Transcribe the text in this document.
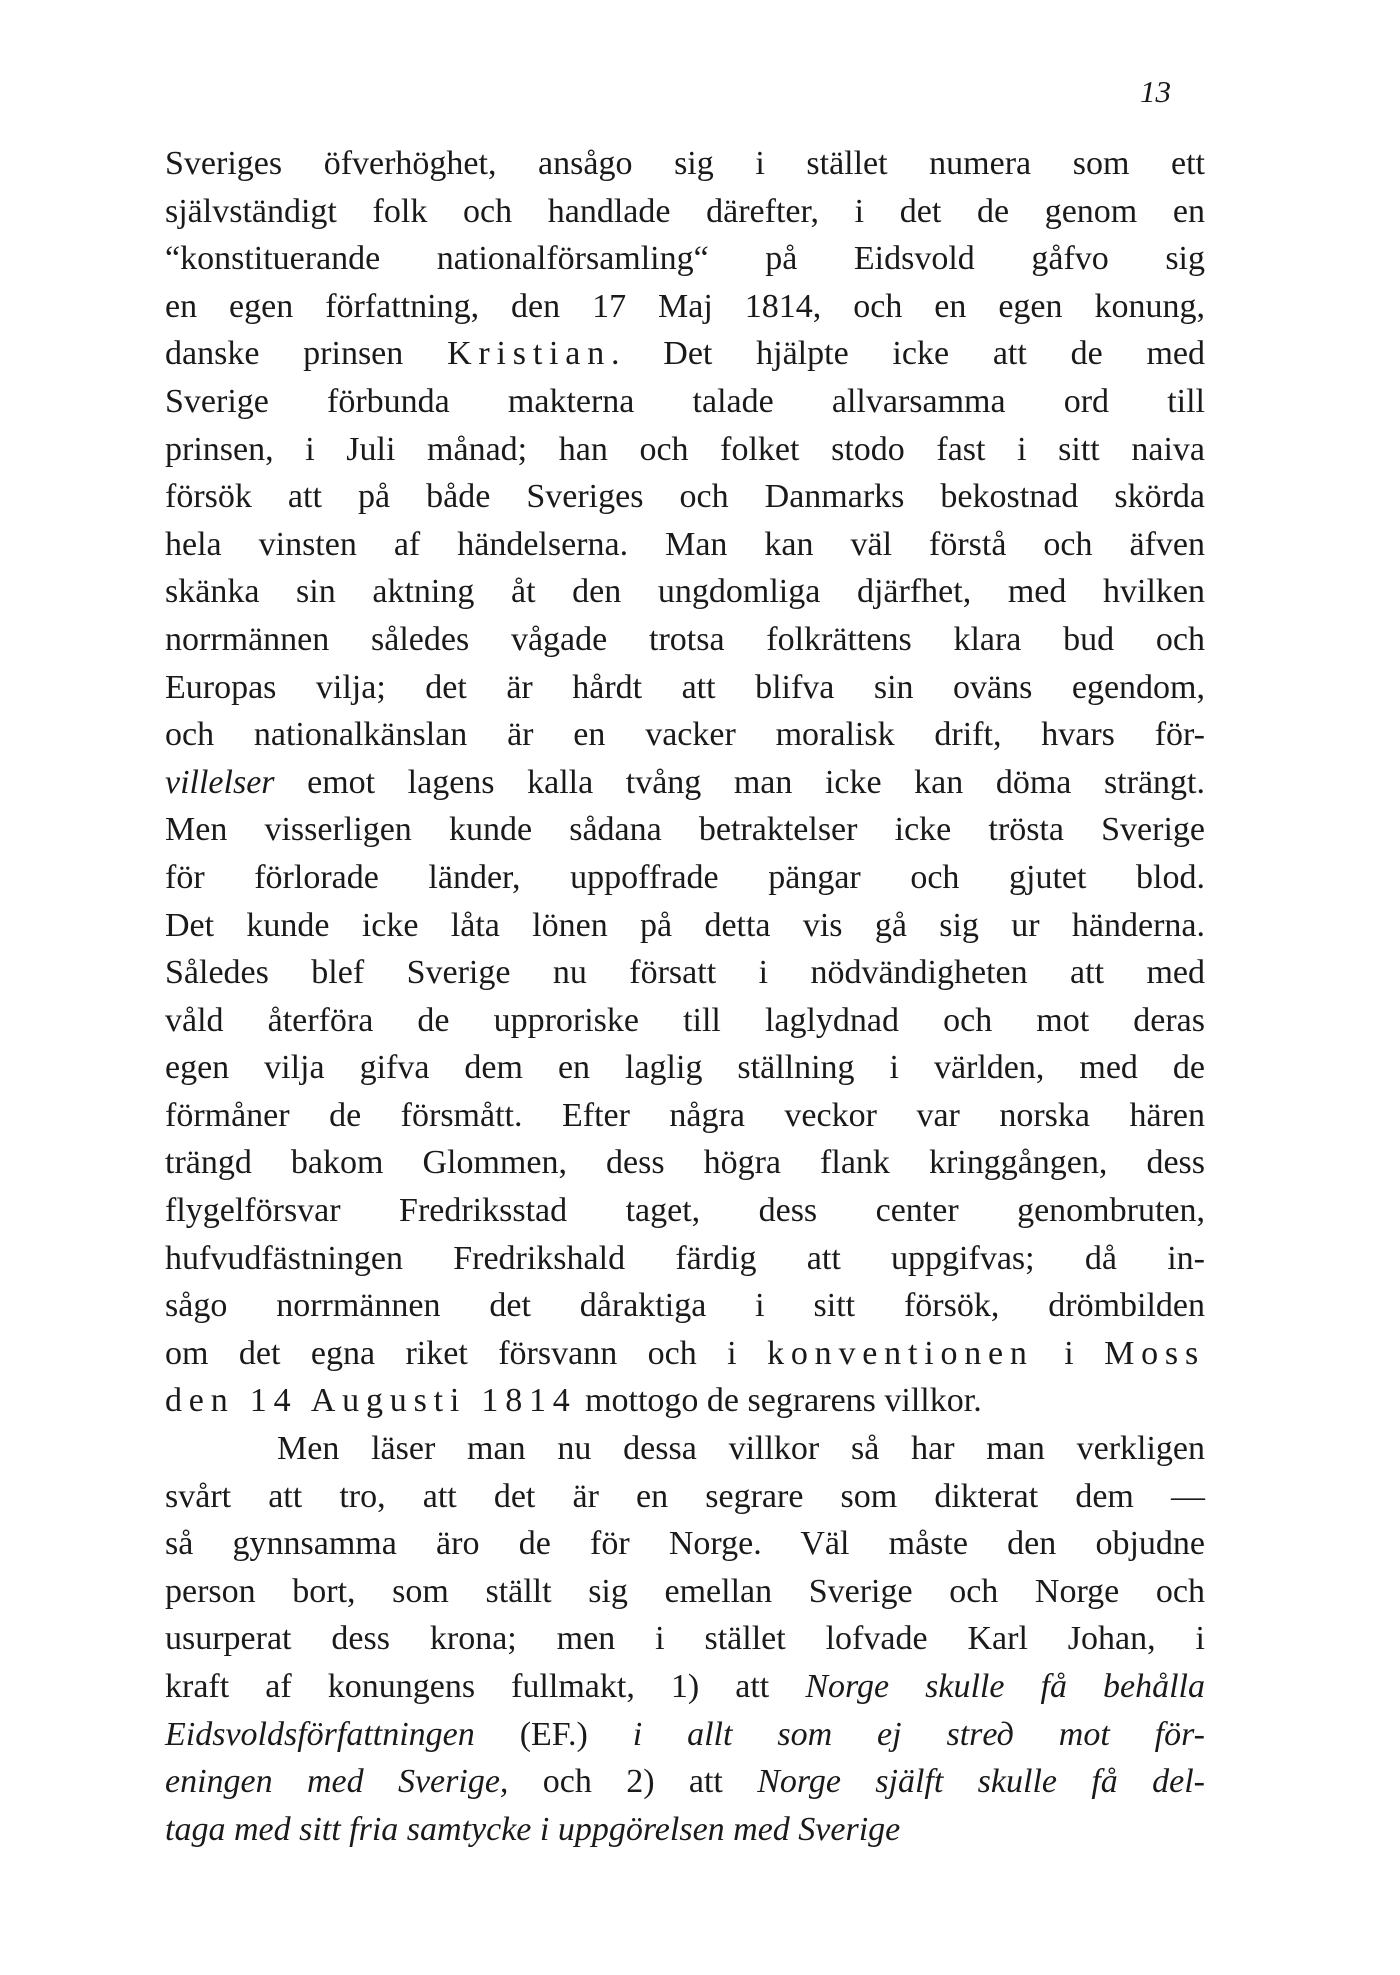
13
Sveriges öfverhöghet, ansågo sig i stället numera som ett
självständigt folk och handlade därefter, i det de genom en
“konstituerande nationalförsamling“ på Eidsvold gåfvo sig
en egen författning, den 17 Maj 1814, och en egen konung,
danske prinsen Kristian. Det hjälpte icke att de med
Sverige förbunda makterna talade allvarsamma ord till
prinsen, i Juli månad; han och folket stodo fast i sitt naiva
försök att på både Sveriges och Danmarks bekostnad skörda
hela vinsten af händelserna. Man kan väl förstå och äfven
skänka sin aktning åt den ungdomliga djärfhet, med hvilken
norrmännen således vågade trotsa folkrättens klara bud och
Europas vilja; det är hårdt att blifva sin oväns egendom,
och nationalkänslan är en vacker moralisk drift, hvars för-
villelser emot lagens kalla tvång man icke kan döma strängt.
Men visserligen kunde sådana betraktelser icke trösta Sverige
för förlorade länder, uppoffrade pängar och gjutet blod.
Det kunde icke låta lönen på detta vis gå sig ur händerna.
Således blef Sverige nu försatt i nödvändigheten att med
våld återföra de upproriske till laglydnad och mot deras
egen vilja gifva dem en laglig ställning i världen, med de
förmåner de försmått. Efter några veckor var norska hären
trängd bakom Glommen, dess högra flank kringgången, dess
flygelförsvar Fredriksstad taget, dess center genombruten,
hufvudfästningen Fredrikshald färdig att uppgifvas; då in-
sågo norrmännen det dåraktiga i sitt försök, drömbilden
om det egna riket försvann och i konventionen i Moss
den 14 Augusti 1814 mottogo de segrarens villkor.
Men läser man nu dessa villkor så har man verkligen
svårt att tro, att det är en segrare som dikterat dem —
så gynnsamma äro de för Norge. Väl måste den objudne
person bort, som ställt sig emellan Sverige och Norge och
usurperat dess krona; men i stället lofvade Karl Johan, i
kraft af konungens fullmakt, 1) att Norge skulle få behålla
Eidsvoldsförfattningen (EF.) i allt som ej strед mot för-
eningen med Sverige, och 2) att Norge själft skulle få del-
taga med sitt fria samtycke i uppgörelsen med Sverige
